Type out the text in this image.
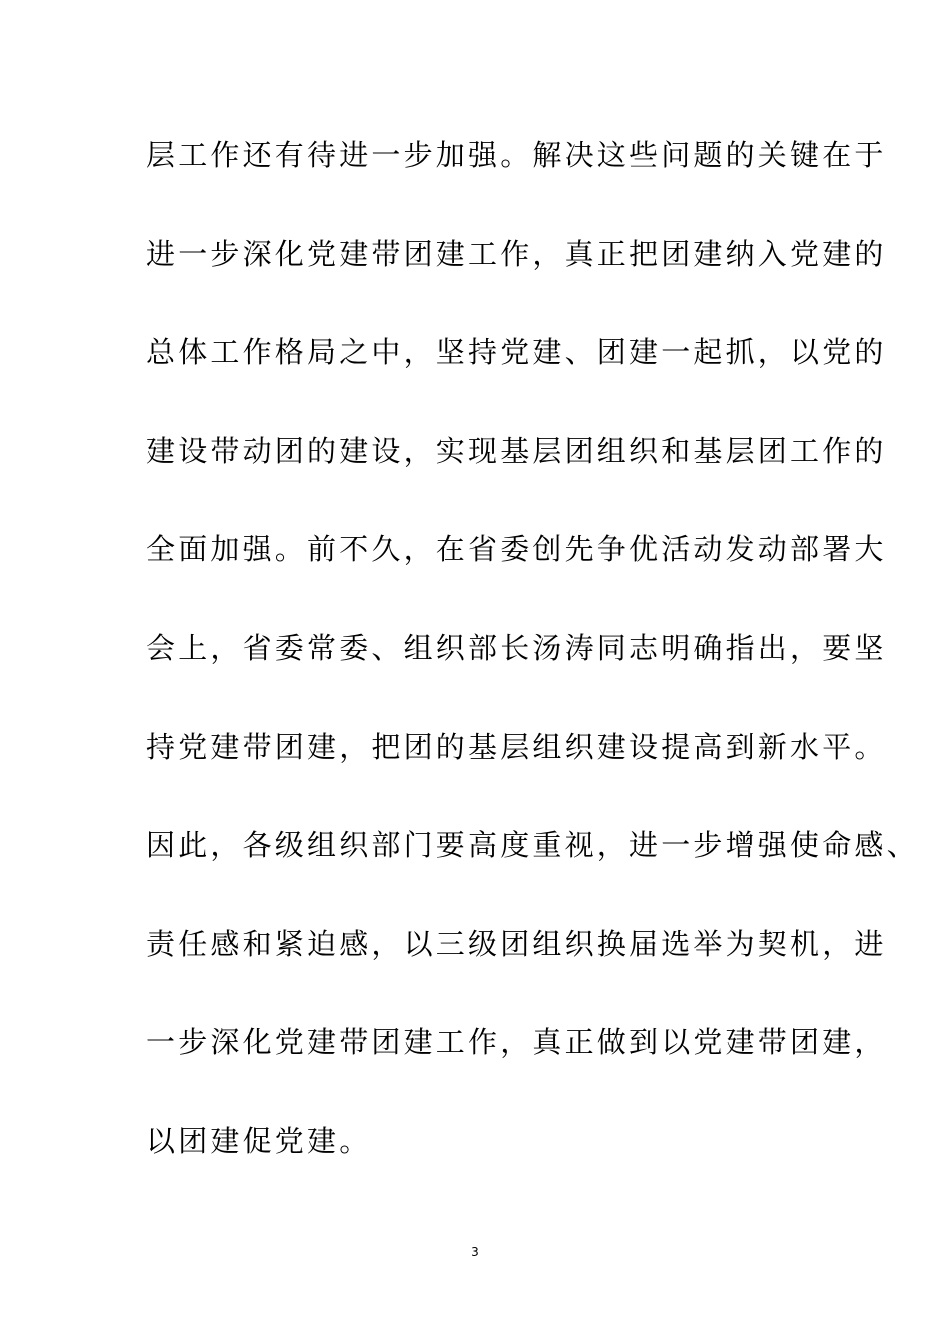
层工作还有待进一步加强。解决这些问题的关键在于
进一步深化党建带团建工作，真正把团建纳入党建的
总体工作格局之中，坚持党建、团建一起抓，以党的
建设带动团的建设，实现基层团组织和基层团工作的
全面加强。前不久，在省委创先争优活动发动部署大
会上，省委常委、组织部长汤涛同志明确指出，要坚
持党建带团建，把团的基层组织建设提高到新水平。
因此，各级组织部门要高度重视，进一步增强使命感、
责任感和紧迫感，以三级团组织换届选举为契机，进
一步深化党建带团建工作，真正做到以党建带团建，
以团建促党建。
3
